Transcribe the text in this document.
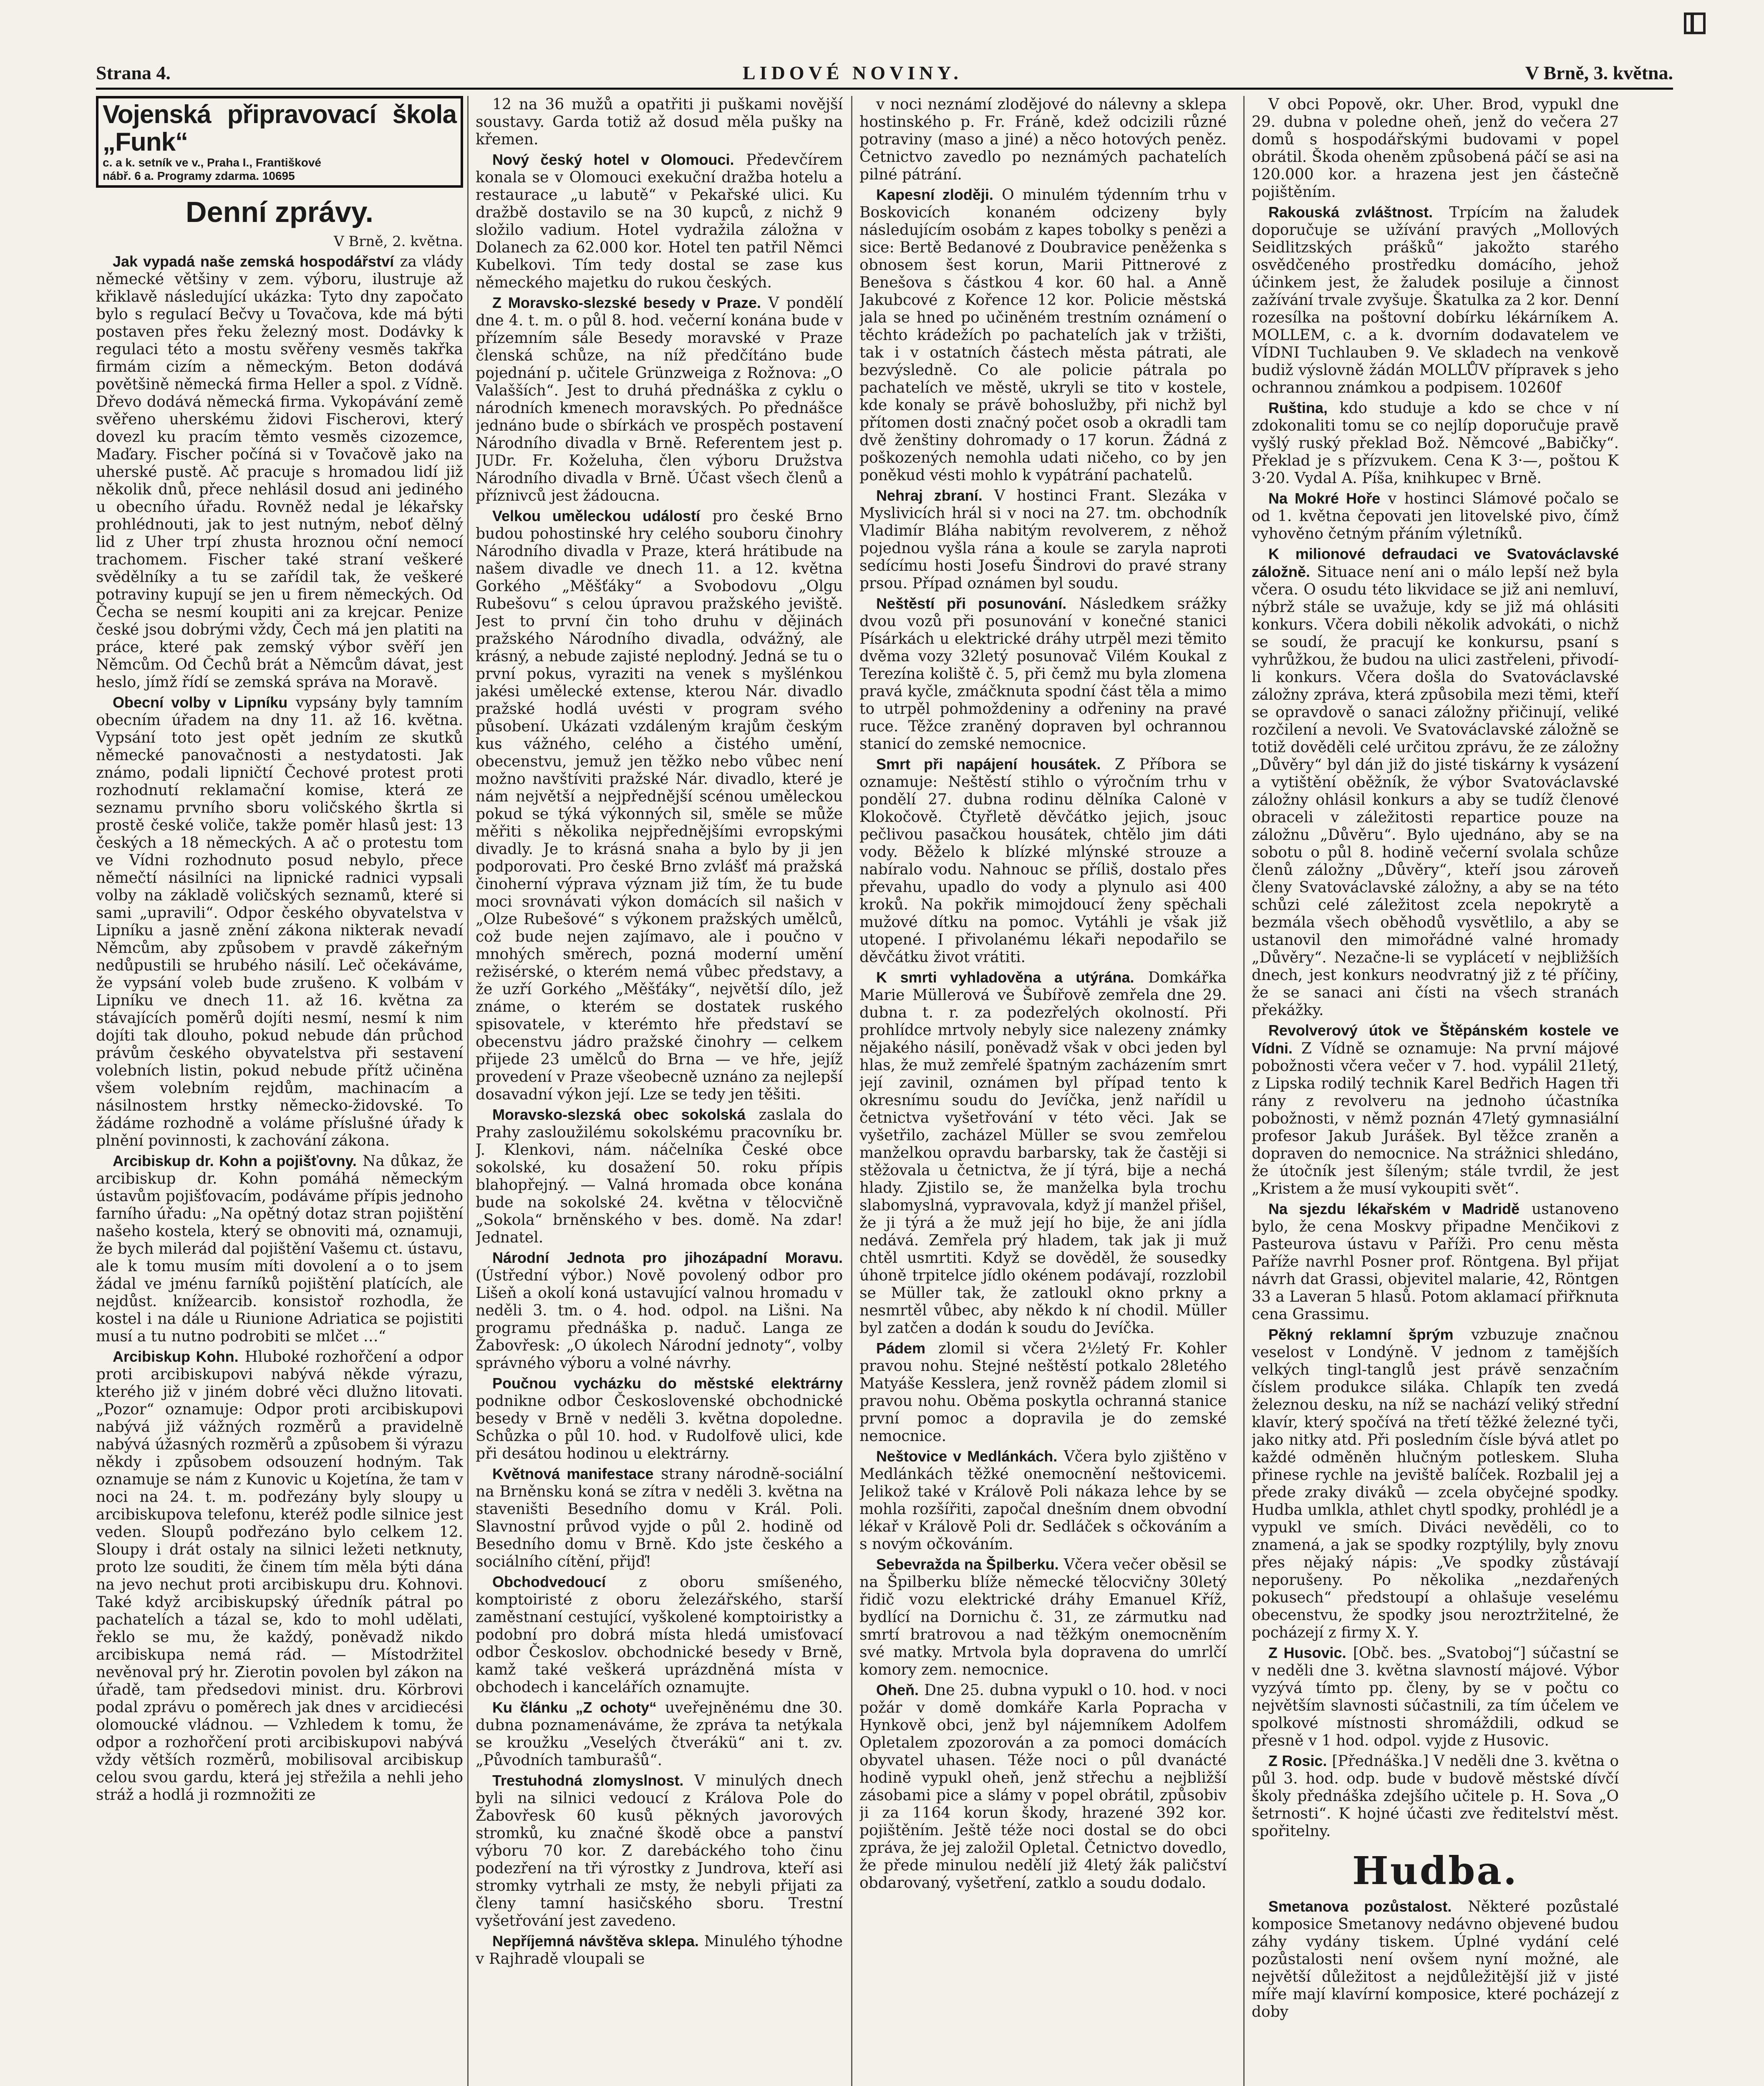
Strana 4.	LIDOVÉ NOVINY.	V Brně, 3. května.
Vojenská připravovací škola „Funk“
c. a k. setník ve v., Praha I., Františkové
nábř. 6 a. Programy zdarma. 10695
Denní zprávy.
V Brně, 2. května.

Jak vypadá naše zemská hospodářství za vlády německé většiny v zem. výboru, ilustruje až křiklavě následující ukázka: Tyto dny započato bylo s regulací Bečvy u Tovačova, kde má býti postaven přes řeku železný most. Dodávky k regulaci této a mostu svěřeny vesměs takřka firmám cizím a německým. Beton dodává povětšině německá firma Heller a spol. z Vídně. Dřevo dodává německá firma. Vykopávání země svěřeno uherskému židovi Fischerovi, který dovezl ku pracím těmto vesměs cizozemce, Maďary. Fischer počíná si v Tovačově jako na uherské pustě. Ač pracuje s hromadou lidí již několik dnů, přece nehlásil dosud ani jediného u obecního úřadu. Rovněž nedal je lékařsky prohlédnouti, jak to jest nutným, neboť dělný lid z Uher trpí zhusta hroznou oční nemocí trachomem. Fischer také straní veškeré svědělníky a tu se zařídil tak, že veškeré potraviny kupují se jen u firem německých. Od Čecha se nesmí koupiti ani za krejcar. Penize české jsou dobrými vždy, Čech má jen platiti na práce, které pak zemský výbor svěří jen Němcům. Od Čechů brát a Němcům dávat, jest heslo, jímž řídí se zemská správa na Moravě.

Obecní volby v Lipníku vypsány byly tamním obecním úřadem na dny 11. až 16. května. Vypsání toto jest opět jedním ze skutků německé panovačnosti a nestydatosti. Jak známo, podali lipničtí Čechové protest proti rozhodnutí reklamační komise, která ze seznamu prvního sboru voličského škrtla si prostě české voliče, takže poměr hlasů jest: 13 českých a 18 německých. A ač o protestu tom ve Vídni rozhodnuto posud nebylo, přece němečtí násilníci na lipnické radnici vypsali volby na základě voličských seznamů, které si sami „upravili“. Odpor českého obyvatelstva v Lipníku a jasně znění zákona nikterak nevadí Němcům, aby způsobem v pravdě zákeřným nedůpustili se hrubého násilí. Leč očekáváme, že vypsání voleb bude zrušeno. K volbám v Lipníku ve dnech 11. až 16. května za stávajících poměrů dojíti nesmí, nesmí k nim dojíti tak dlouho, pokud nebude dán průchod právům českého obyvatelstva při sestavení volebních listin, pokud nebude přítž učiněna všem volebním rejdům, machinacím a násilnostem hrstky německo-židovské. To žádáme rozhodně a voláme příslušné úřady k plnění povinnosti, k zachování zákona.

Arcibiskup dr. Kohn a pojišťovny. Na důkaz, že arcibiskup dr. Kohn pomáhá německým ústavům pojišťovacím, podáváme přípis jednoho farního úřadu: „Na opětný dotaz stran pojištění našeho kostela, který se obnoviti má, oznamuji, že bych milerád dal pojištění Vašemu ct. ústavu, ale k tomu musím míti dovolení a o to jsem žádal ve jménu farníků pojištění platících, ale nejdůst. knížearcib. konsistoř rozhodla, že kostel i na dále u Riunione Adriatica se pojistiti musí a tu nutno podrobiti se mlčet …“

Arcibiskup Kohn. Hluboké rozhořčení a odpor proti arcibiskupovi nabývá někde výrazu, kterého již v jiném dobré věci dlužno litovati. „Pozor“ oznamuje: Odpor proti arcibiskupovi nabývá již vážných rozměrů a pravidelně nabývá úžasných rozměrů a způsobem ši výrazu někdy i způsobem odsouzení hodným. Tak oznamuje se nám z Kunovic u Kojetína, že tam v noci na 24. t. m. podřezány byly sloupy u arcibiskupova telefonu, kteréž podle silnice jest veden. Sloupů podřezáno bylo celkem 12. Sloupy i drát ostaly na silnici ležeti netknuty, proto lze souditi, že činem tím měla býti dána na jevo nechut proti arcibiskupu dru. Kohnovi. Také když arcibiskupský úředník pátral po pachatelích a tázal se, kdo to mohl udělati, řeklo se mu, že každý, poněvadž nikdo arcibiskupa nemá rád. — Místodržitel nevěnoval prý hr. Zierotin povolen byl zákon na úřadě, tam předsedovi minist. dru. Körbrovi podal zprávu o poměrech jak dnes v arcidiecési olomoucké vládnou. — Vzhledem k tomu, že odpor a rozhořčení proti arcibiskupovi nabývá vždy větších rozměrů, mobilisoval arcibiskup celou svou gardu, která jej střežila a nehli jeho stráž a hodlá ji rozmnožiti ze

12 na 36 mužů a opatřiti ji puškami novější soustavy. Garda totiž až dosud měla pušky na křemen.

Nový český hotel v Olomouci. Předevčírem konala se v Olomouci exekuční dražba hotelu a restaurace „u labutě“ v Pekařské ulici. Ku dražbě dostavilo se na 30 kupců, z nichž 9 složilo vadium. Hotel vydražila záložna v Dolanech za 62.000 kor. Hotel ten patřil Němci Kubelkovi. Tím tedy dostal se zase kus německého majetku do rukou českých.

Z Moravsko-slezské besedy v Praze. V pondělí dne 4. t. m. o půl 8. hod. večerní konána bude v přízemním sále Besedy moravské v Praze členská schůze, na níž předčítáno bude pojednání p. učitele Grünzweiga z Rožnova: „O Valašších“. Jest to druhá přednáška z cyklu o národních kmenech moravských. Po přednášce jednáno bude o sbírkách ve prospěch postavení Národního divadla v Brně. Referentem jest p. JUDr. Fr. Koželuha, člen výboru Družstva Národního divadla v Brně. Účast všech členů a příznivců jest žádoucna.

Velkou uměleckou událostí pro české Brno budou pohostinské hry celého souboru činohry Národního divadla v Praze, která hrátibude na našem divadle ve dnech 11. a 12. května Gorkého „Měšťáky“ a Svobodovu „Olgu Rubešovu“ s celou úpravou pražského jeviště. Jest to první čin toho druhu v dějinách pražského Národního divadla, odvážný, ale krásný, a nebude zajisté neplodný. Jedná se tu o první pokus, vyraziti na venek s myšlénkou jakési umělecké extense, kterou Nár. divadlo pražské hodlá uvésti v program svého působení. Ukázati vzdáleným krajům českým kus vážného, celého a čistého umění, obecenstvu, jemuž jen těžko nebo vůbec není možno navštíviti pražské Nár. divadlo, které je nám největší a nejpřednější scénou uměleckou pokud se týká výkonných sil, směle se může měřiti s několika nejpřednějšími evropskými divadly. Je to krásná snaha a bylo by ji jen podporovati. Pro české Brno zvlášť má pražská činoherní výprava význam již tím, že tu bude moci srovnávati výkon domácích sil našich v „Olze Rubešové“ s výkonem pražských umělců, což bude nejen zajímavo, ale i poučno v mnohých směrech, pozná moderní umění režisérské, o kterém nemá vůbec představy, a že uzří Gorkého „Měšťáky“, největší dílo, jež známe, o kterém se dostatek ruského spisovatele, v kterémto hře představí se obecenstvu jádro pražské činohry — celkem přijede 23 umělců do Brna — ve hře, jejíž provedení v Praze všeobecně uznáno za nejlepší dosavadní výkon její. Lze se tedy jen těšiti.

Moravsko-slezská obec sokolská zaslala do Prahy zasloužilému sokolskému pracovníku br. J. Klenkovi, nám. náčelníka České obce sokolské, ku dosažení 50. roku přípis blahopřejný. — Valná hromada obce konána bude na sokolské 24. května v tělocvičně „Sokola“ brněnského v bes. domě. Na zdar! Jednatel.

Národní Jednota pro jihozápadní Moravu. (Ústřední výbor.) Nově povolený odbor pro Lišeň a okolí koná ustavující valnou hromadu v neděli 3. tm. o 4. hod. odpol. na Lišni. Na programu přednáška p. naduč. Langa ze Žabovřesk: „O úkolech Národní jednoty“, volby správného výboru a volné návrhy.

Poučnou vycházku do městské elektrárny podnikne odbor Československé obchodnické besedy v Brně v neděli 3. května dopoledne. Schůzka o půl 10. hod. v Rudolfově ulici, kde při desátou hodinou u elektrárny.

Květnová manifestace strany národně-sociální na Brněnsku koná se zítra v neděli 3. května na staveništi Besedního domu v Král. Poli. Slavnostní průvod vyjde o půl 2. hodině od Besedního domu v Brně. Kdo jste českého a sociálního cítění, přijď!

Obchodvedoucí z oboru smíšeného, komptoiristé z oboru železářského, starší zaměstnaní cestující, vyškolené komptoiristky a podobní pro dobrá místa hledá umisťovací odbor Českoslov. obchodnické besedy v Brně, kamž také veškerá uprázdněná místa v obchodech i kancelářích oznamujte.

Ku článku „Z ochoty“ uveřejněnému dne 30. dubna poznamenáváme, že zpráva ta netýkala se kroužku „Veselých čtverákü“ ani t. zv. „Původních tamburašů“.

Trestuhodná zlomyslnost. V minulých dnech byli na silnici vedoucí z Králova Pole do Žabovřesk 60 kusů pěkných javorových stromků, ku značné škodě obce a panství výboru 70 kor. Z darebáckého toho činu podezření na tři výrostky z Jundrova, kteří asi stromky vytrhali ze msty, že nebyli přijati za členy tamní hasičského sboru. Trestní vyšetřování jest zavedeno.

Nepříjemná návštěva sklepa. Minulého týhodne v Rajhradě vloupali se

v noci neznámí zlodějové do nálevny a sklepa hostinského p. Fr. Fráně, kdež odcizili různé potraviny (maso a jiné) a něco hotových peněz. Četnictvo zavedlo po neznámých pachatelích pilné pátrání.

Kapesní zloději. O minulém týdenním trhu v Boskovicích konaném odcizeny byly následujícím osobám z kapes tobolky s penězi a sice: Bertě Bedanové z Doubravice peněženka s obnosem šest korun, Marii Pittnerové z Benešova s částkou 4 kor. 60 hal. a Anně Jakubcové z Kořence 12 kor. Policie městská jala se hned po učiněném trestním oznámení o těchto krádežích po pachatelích jak v tržišti, tak i v ostatních částech města pátrati, ale bezvýsledně. Co ale policie pátrala po pachatelích ve městě, ukryli se tito v kostele, kde konaly se právě bohoslužby, při nichž byl přítomen dosti značný počet osob a okradli tam dvě ženštiny dohromady o 17 korun. Žádná z poškozených nemohla udati ničeho, co by jen poněkud vésti mohlo k vypátrání pachatelů.

Nehraj zbraní. V hostinci Frant. Slezáka v Myslivicích hrál si v noci na 27. tm. obchodník Vladimír Bláha nabitým revolverem, z něhož pojednou vyšla rána a koule se zaryla naproti sedícímu hosti Josefu Šindrovi do pravé strany prsou. Případ oznámen byl soudu.

Neštěstí při posunování. Následkem srážky dvou vozů při posunování v konečné stanici Písárkách u elektrické dráhy utrpěl mezi těmito dvěma vozy 32letý posunovač Vilém Koukal z Terezína koliště č. 5, při čemž mu byla zlomena pravá kyčle, zmáčknuta spodní část těla a mimo to utrpěl pohmoždeniny a odřeniny na pravé ruce. Těžce zraněný dopraven byl ochrannou stanicí do zemské nemocnice.

Smrt při napájení housátek. Z Příbora se oznamuje: Neštěstí stihlo o výročním trhu v pondělí 27. dubna rodinu dělníka Calonė v Klokočově. Čtyřletě děvčátko jejich, jsouc pečlivou pasačkou housátek, chtělo jim dáti vody. Běželo k blízké mlýnské strouze a nabíralo vodu. Nahnouc se příliš, dostalo přes převahu, upadlo do vody a plynulo asi 400 kroků. Na pokřik mimojdoucí ženy spěchali mužové dítku na pomoc. Vytáhli je však již utopené. I přivolanému lékaři nepodařilo se děvčátku život vrátiti.

K smrti vyhladověna a utýrána. Domkářka Marie Müllerová ve Šubířově zemřela dne 29. dubna t. r. za podezřelých okolností. Při prohlídce mrtvoly nebyly sice nalezeny známky nějakého násilí, poněvadž však v obci jeden byl hlas, že muž zemřelé špatným zacházením smrt její zavinil, oznámen byl případ tento k okresnímu soudu do Jevíčka, jenž nařídil u četnictva vyšetřování v této věci. Jak se vyšetřilo, zacházel Müller se svou zemřelou manželkou opravdu barbarsky, tak že častěji si stěžovala u četnictva, že jí týrá, bije a nechá hlady. Zjistilo se, že manželka byla trochu slabomyslná, vypravovala, když jí manžel přišel, že ji týrá a že muž její ho bije, že ani jídla nedává. Zemřela prý hladem, tak jak ji muž chtěl usmrtiti. Když se dověděl, že sousedky úhoně trpitelce jídlo okénem podávají, rozzlobil se Müller tak, že zatloukl okno prkny a nesmrtěl vůbec, aby někdo k ní chodil. Müller byl zatčen a dodán k soudu do Jevíčka.

Pádem zlomil si včera 2½letý Fr. Kohler pravou nohu. Stejné neštěstí potkalo 28letého Matyáše Kesslera, jenž rovněž pádem zlomil si pravou nohu. Oběma poskytla ochranná stanice první pomoc a dopravila je do zemské nemocnice.

Neštovice v Medlánkách. Včera bylo zjištěno v Medlánkách těžké onemocnění neštovicemi. Jelikož také v Králově Poli nákaza lehce by se mohla rozšířiti, započal dnešním dnem obvodní lékař v Králově Poli dr. Sedláček s očkováním a s novým očkováním.

Sebevražda na Špilberku. Včera večer oběsil se na Špilberku blíže německé tělocvičny 30letý řidič vozu elektrické dráhy Emanuel Kříž, bydlící na Dornichu č. 31, ze zármutku nad smrtí bratrovou a nad těžkým onemocněním své matky. Mrtvola byla dopravena do umrlčí komory zem. nemocnice.

Oheň. Dne 25. dubna vypukl o 10. hod. v noci požár v domě domkáře Karla Popracha v Hynkově obci, jenž byl nájemníkem Adolfem Opletalem zpozorován a za pomoci domácích obyvatel uhasen. Téže noci o půl dvanácté hodině vypukl oheň, jenž střechu a nejbližší zásobami pice a slámy v popel obrátil, způsobiv ji za 1164 korun škody, hrazené 392 kor. pojištěním. Ještě téže noci dostal se do obci zpráva, že jej založil Opletal. Četnictvo dovedlo, že přede minulou nedělí již 4letý žák paličství obdarovaný, vyšetření, zatklo a soudu dodalo.

V obci Popově, okr. Uher. Brod, vypukl dne 29. dubna v poledne oheň, jenž do večera 27 domů s hospodářskými budovami v popel obrátil. Škoda oheněm způsobená páčí se asi na 120.000 kor. a hrazena jest jen částečně pojištěním.

Rakouská zvláštnost. Trpícím na žaludek doporučuje se užívání pravých „Mollových Seidlitzských prášků“ jakožto starého osvědčeného prostředku domácího, jehož účinkem jest, že žaludek posiluje a činnost zažívání trvale zvyšuje. Škatulka za 2 kor. Denní rozesílka na poštovní dobírku lékárníkem A. MOLLEM, c. a k. dvorním dodavatelem ve VÍDNI Tuchlauben 9. Ve skladech na venkově budiž výslovně žádán MOLLŮV přípravek s jeho ochrannou známkou a podpisem. 10260f

Ruština, kdo studuje a kdo se chce v ní zdokonaliti tomu se co nejlíp doporučuje pravě vyšlý ruský překlad Bož. Němcové „Babičky“. Překlad je s přízvukem. Cena K 3·—, poštou K 3·20. Vydal A. Píša, knihkupec v Brně.

Na Mokré Hoře v hostinci Slámové počalo se od 1. května čepovati jen litovelské pivo, čímž vyhověno četným přáním výletníků.

K milionové defraudaci ve Svatováclavské záložně. Situace není ani o málo lepší než byla včera. O osudu této likvidace se již ani nemluví, nýbrž stále se uvažuje, kdy se již má ohlásiti konkurs. Včera dobili několik advokáti, o nichž se soudí, že pracují ke konkursu, psaní s vyhrůžkou, že budou na ulici zastřeleni, přivodí-li konkurs. Včera došla do Svatováclavské záložny zpráva, která způsobila mezi těmi, kteří se opravdově o sanaci záložny přičinují, veliké rozčilení a nevoli. Ve Svatováclavské záložně se totiž dověděli celé určitou zprávu, že ze záložny „Důvěry“ byl dán již do jisté tiskárny k vysázení a vytištění oběžník, že výbor Svatováclavské záložny ohlásil konkurs a aby se tudíž členové obraceli v záležitosti repartice pouze na záložnu „Důvěru“. Bylo ujednáno, aby se na sobotu o půl 8. hodině večerní svolala schůze členů záložny „Důvěry“, kteří jsou zároveň členy Svatováclavské záložny, a aby se na této schůzi celé záležitost zcela nepokrytě a bezmála všech oběhodů vysvětlilo, a aby se ustanovil den mimořádné valné hromady „Důvěry“. Nezačne-li se vyplácetí v nejbližších dnech, jest konkurs neodvratný již z té příčiny, že se sanaci ani čísti na všech stranách překážky.

Revolverový útok ve Štěpánském kostele ve Vídni. Z Vídně se oznamuje: Na první májové pobožnosti včera večer v 7. hod. vypálil 21letý, z Lipska rodilý technik Karel Bedřich Hagen tři rány z revolveru na jednoho účastníka pobožnosti, v němž poznán 47letý gymnasiální profesor Jakub Jurášek. Byl těžce zraněn a dopraven do nemocnice. Na strážnici shledáno, že útočník jest šíleným; stále tvrdil, že jest „Kristem a že musí vykoupiti svět“.

Na sjezdu lékařském v Madridě ustanoveno bylo, že cena Moskvy připadne Menčikovi z Pasteurova ústavu v Paříži. Pro cenu města Paříže navrhl Posner prof. Röntgena. Byl přijat návrh dat Grassi, objevitel malarie, 42, Röntgen 33 a Laveran 5 hlasů. Potom aklamací přiřknuta cena Grassimu.

Pěkný reklamní šprým vzbuzuje značnou veselost v Londýně. V jednom z tamějších velkých tingl-tanglů jest právě senzačním číslem produkce siláka. Chlapík ten zvedá železnou desku, na níž se nachází veliký střední klavír, který spočívá na třetí těžké železné tyči, jako nitky atd. Při posledním čísle bývá atlet po každé odměněn hlučným potleskem. Sluha přinese rychle na jeviště balíček. Rozbalil jej a přede zraky diváků — zcela obyčejné spodky. Hudba umlkla, athlet chytl spodky, prohlédl je a vypukl ve smích. Diváci nevěděli, co to znamená, a jak se spodky rozptýlily, byly znovu přes nějaký nápis: „Ve spodky zůstávají neporušeny. Po několika „nezdařených pokusech“ předstoupí a ohlašuje veselému obecenstvu, že spodky jsou neroztržitelné, že pocházejí z firmy X. Y.

Z Husovic. [Obč. bes. „Svatoboj“] súčastní se v neděli dne 3. května slavností májové. Výbor vyzývá tímto pp. členy, by se v počtu co největším slavnosti súčastnili, za tím účelem ve spolkové místnosti shromáždili, odkud se přesně v 1 hod. odpol. vyjde z Husovic.

Z Rosic. [Přednáška.] V neděli dne 3. května o půl 3. hod. odp. bude v budově městské dívčí školy přednáška zdejšího učitele p. H. Sova „O šetrnosti“. K hojné účasti zve ředitelství měst. spořitelny.

Hudba.

Smetanova pozůstalost. Některé pozůstalé komposice Smetanovy nedávno objevené budou záhy vydány tiskem. Úplné vydání celé pozůstalosti není ovšem nyní možné, ale největší důležitost a nejdůležitější již v jisté míře mají klavírní komposice, které pocházejí z doby
